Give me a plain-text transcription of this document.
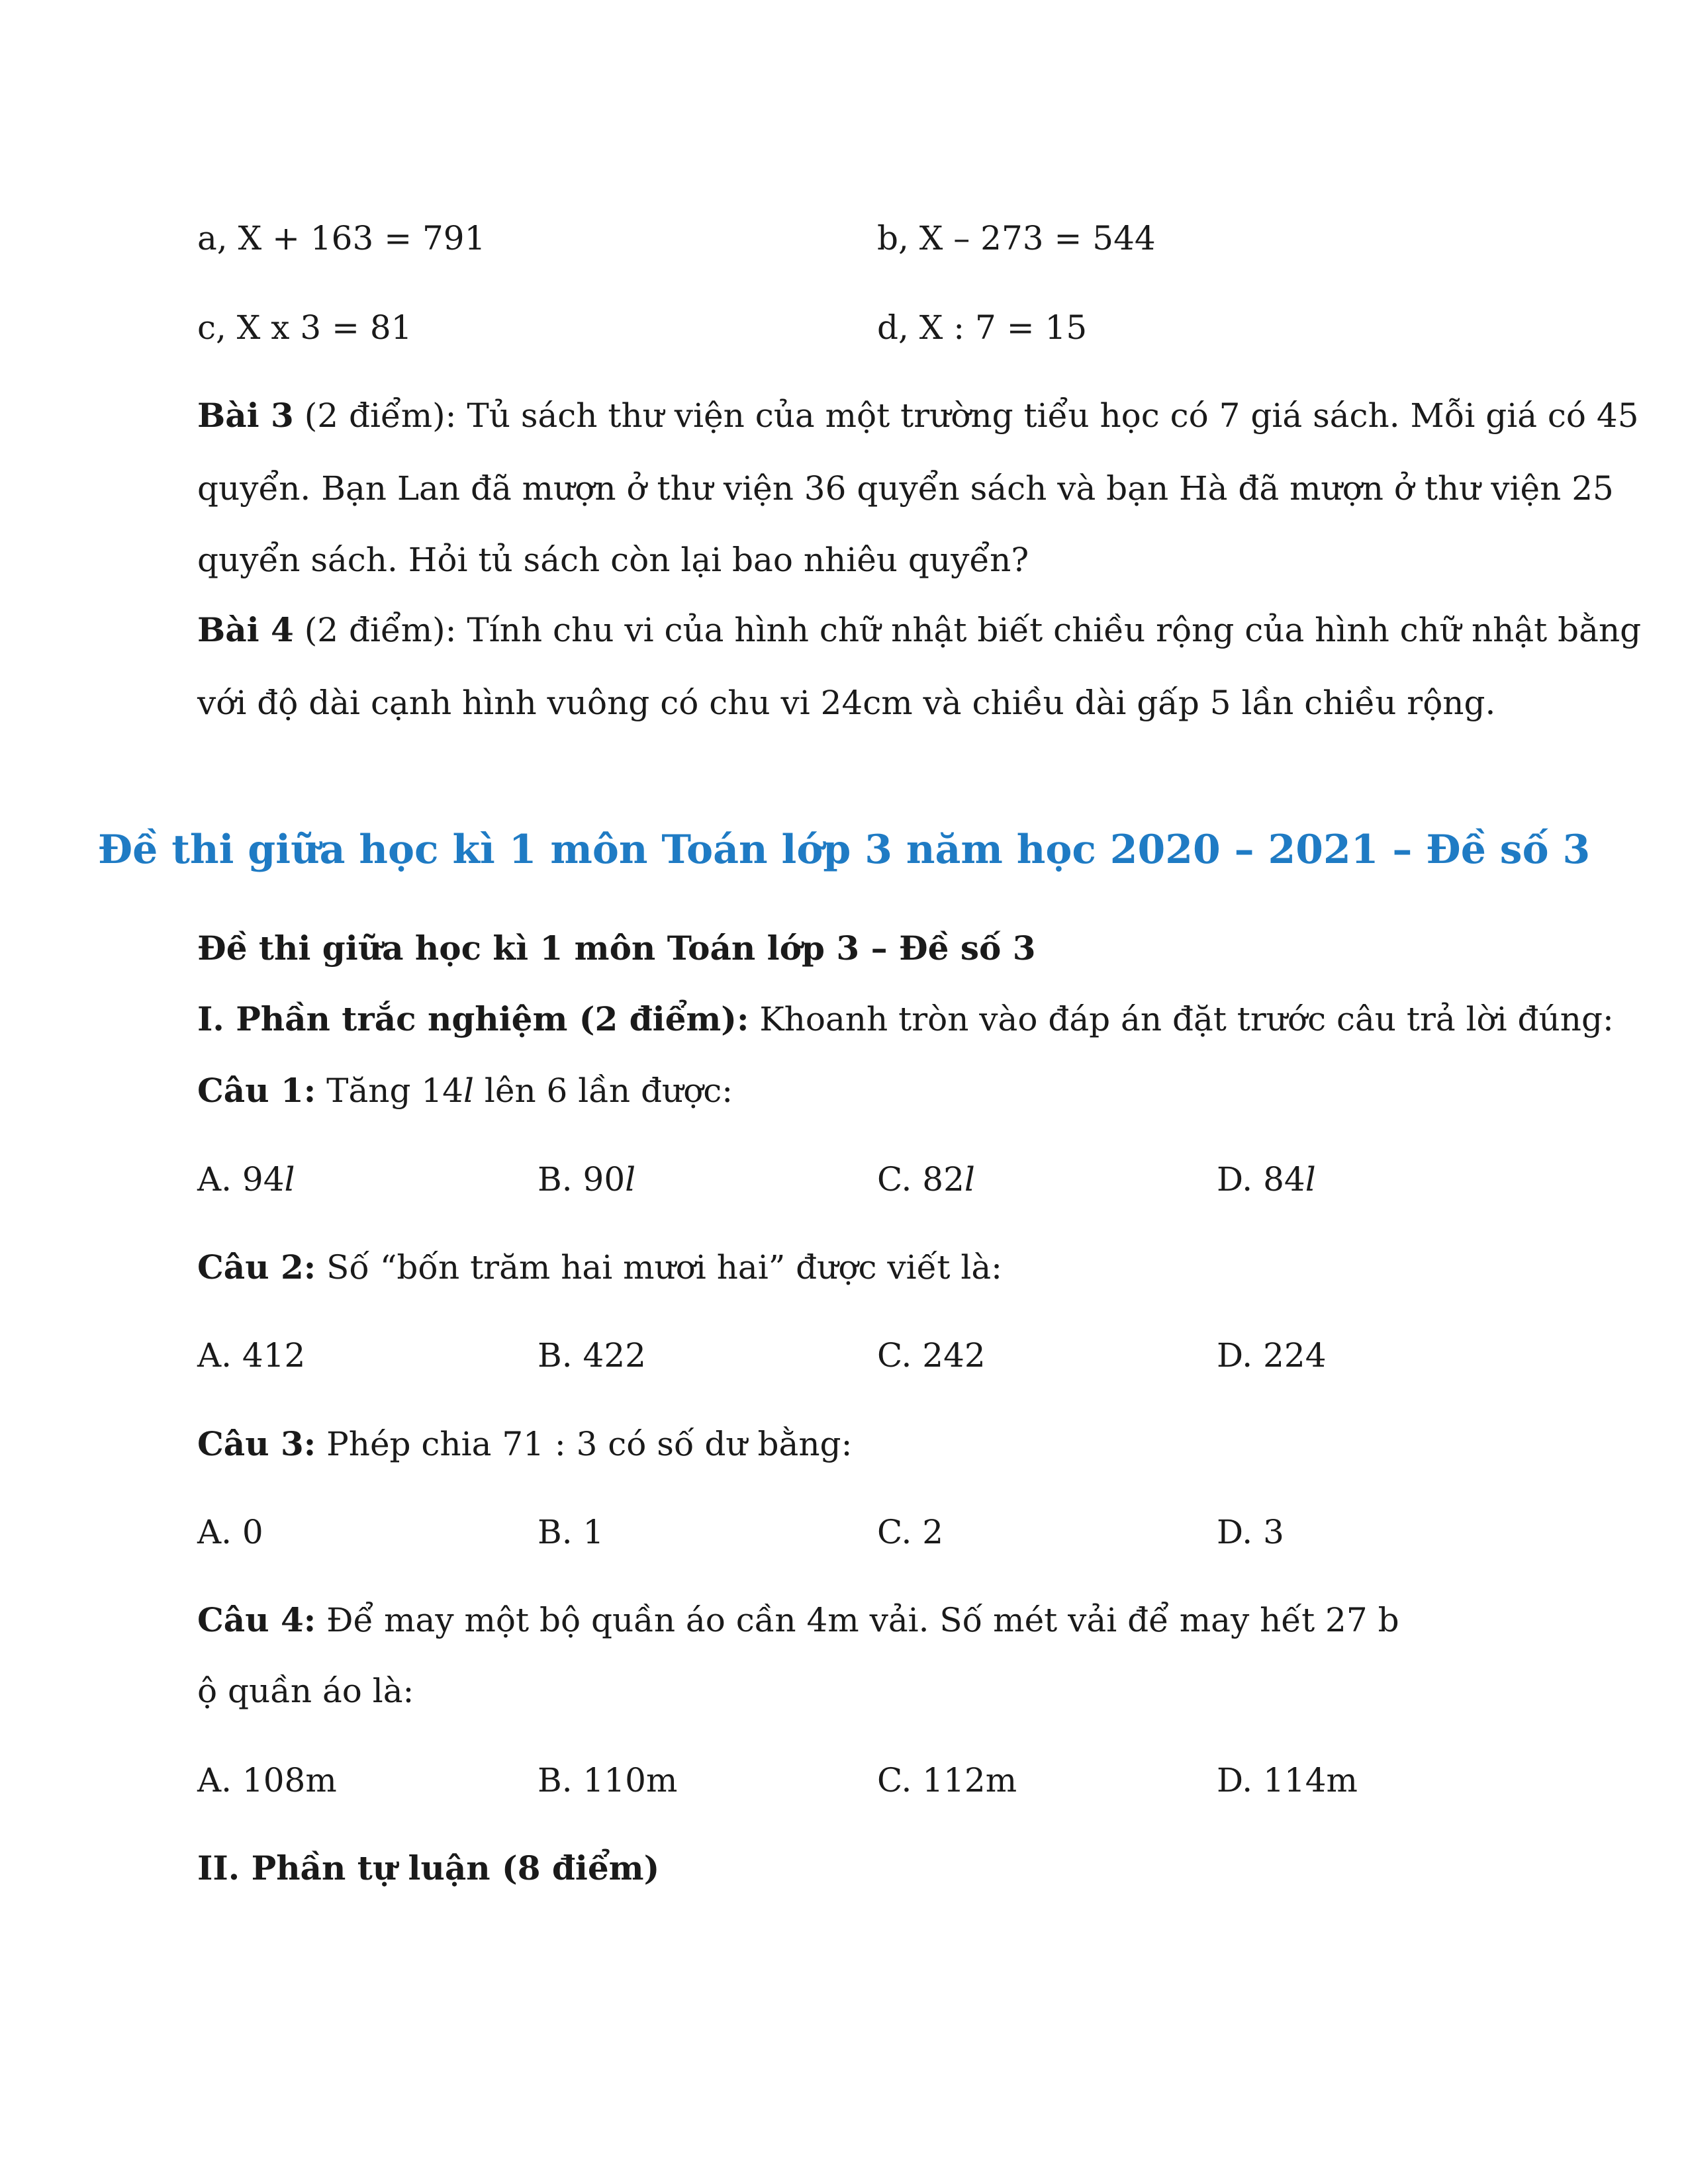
a, X + 163 = 791	b, X – 273 = 544
c, X x 3 = 81	d, X : 7 = 15
Bài 3 (2 điểm): Tủ sách thư viện của một trường tiểu học có 7 giá sách. Mỗi giá có 45
quyển. Bạn Lan đã mượn ở thư viện 36 quyển sách và bạn Hà đã mượn ở thư viện 25
quyển sách. Hỏi tủ sách còn lại bao nhiêu quyển?
Bài 4 (2 điểm): Tính chu vi của hình chữ nhật biết chiều rộng của hình chữ nhật bằng
với độ dài cạnh hình vuông có chu vi 24cm và chiều dài gấp 5 lần chiều rộng.
Đề thi giữa học kì 1 môn Toán lớp 3 năm học 2020 – 2021 – Đề số 3
Đề thi giữa học kì 1 môn Toán lớp 3 – Đề số 3
I. Phần trắc nghiệm (2 điểm): Khoanh tròn vào đáp án đặt trước câu trả lời đúng:
Câu 1: Tăng 14l lên 6 lần được:
A. 94l	B. 90l	C. 82l	D. 84l
Câu 2: Số “bốn trăm hai mươi hai” được viết là:
A. 412	B. 422	C. 242	D. 224
Câu 3: Phép chia 71 : 3 có số dư bằng:
A. 0	B. 1	C. 2	D. 3
Câu 4: Để may một bộ quần áo cần 4m vải. Số mét vải để may hết 27 b
ộ quần áo là:
A. 108m	B. 110m	C. 112m	D. 114m
II. Phần tự luận (8 điểm)
